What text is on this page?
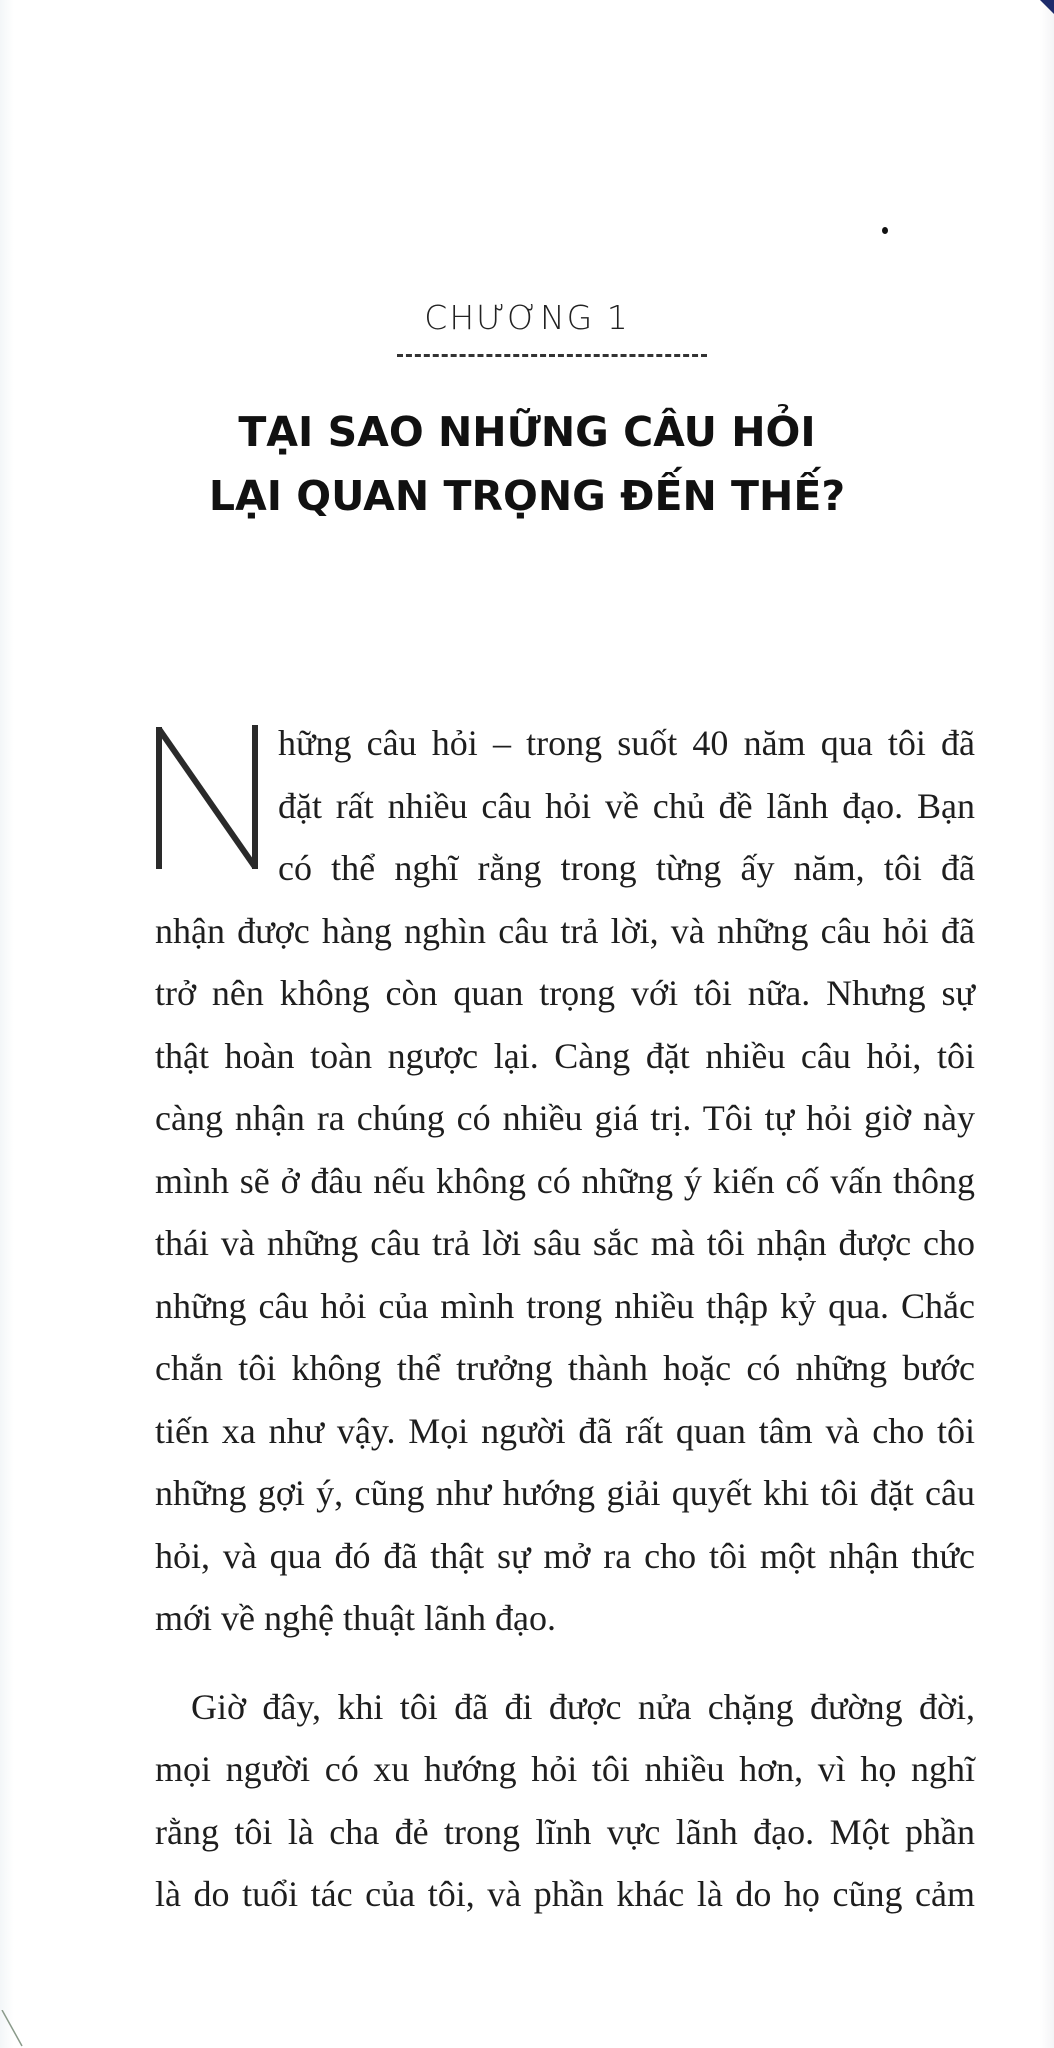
CHƯƠNG 1
TẠI SAO NHỮNG CÂU HỎI
LẠI QUAN TRỌNG ĐẾN THẾ?
hững câu hỏi – trong suốt 40 năm qua tôi đã
đặt rất nhiều câu hỏi về chủ đề lãnh đạo. Bạn
có thể nghĩ rằng trong từng ấy năm, tôi đã
nhận được hàng nghìn câu trả lời, và những câu hỏi đã
trở nên không còn quan trọng với tôi nữa. Nhưng sự
thật hoàn toàn ngược lại. Càng đặt nhiều câu hỏi, tôi
càng nhận ra chúng có nhiều giá trị. Tôi tự hỏi giờ này
mình sẽ ở đâu nếu không có những ý kiến cố vấn thông
thái và những câu trả lời sâu sắc mà tôi nhận được cho
những câu hỏi của mình trong nhiều thập kỷ qua. Chắc
chắn tôi không thể trưởng thành hoặc có những bước
tiến xa như vậy. Mọi người đã rất quan tâm và cho tôi
những gợi ý, cũng như hướng giải quyết khi tôi đặt câu
hỏi, và qua đó đã thật sự mở ra cho tôi một nhận thức
mới về nghệ thuật lãnh đạo.
Giờ đây, khi tôi đã đi được nửa chặng đường đời,
mọi người có xu hướng hỏi tôi nhiều hơn, vì họ nghĩ
rằng tôi là cha đẻ trong lĩnh vực lãnh đạo. Một phần
là do tuổi tác của tôi, và phần khác là do họ cũng cảm
